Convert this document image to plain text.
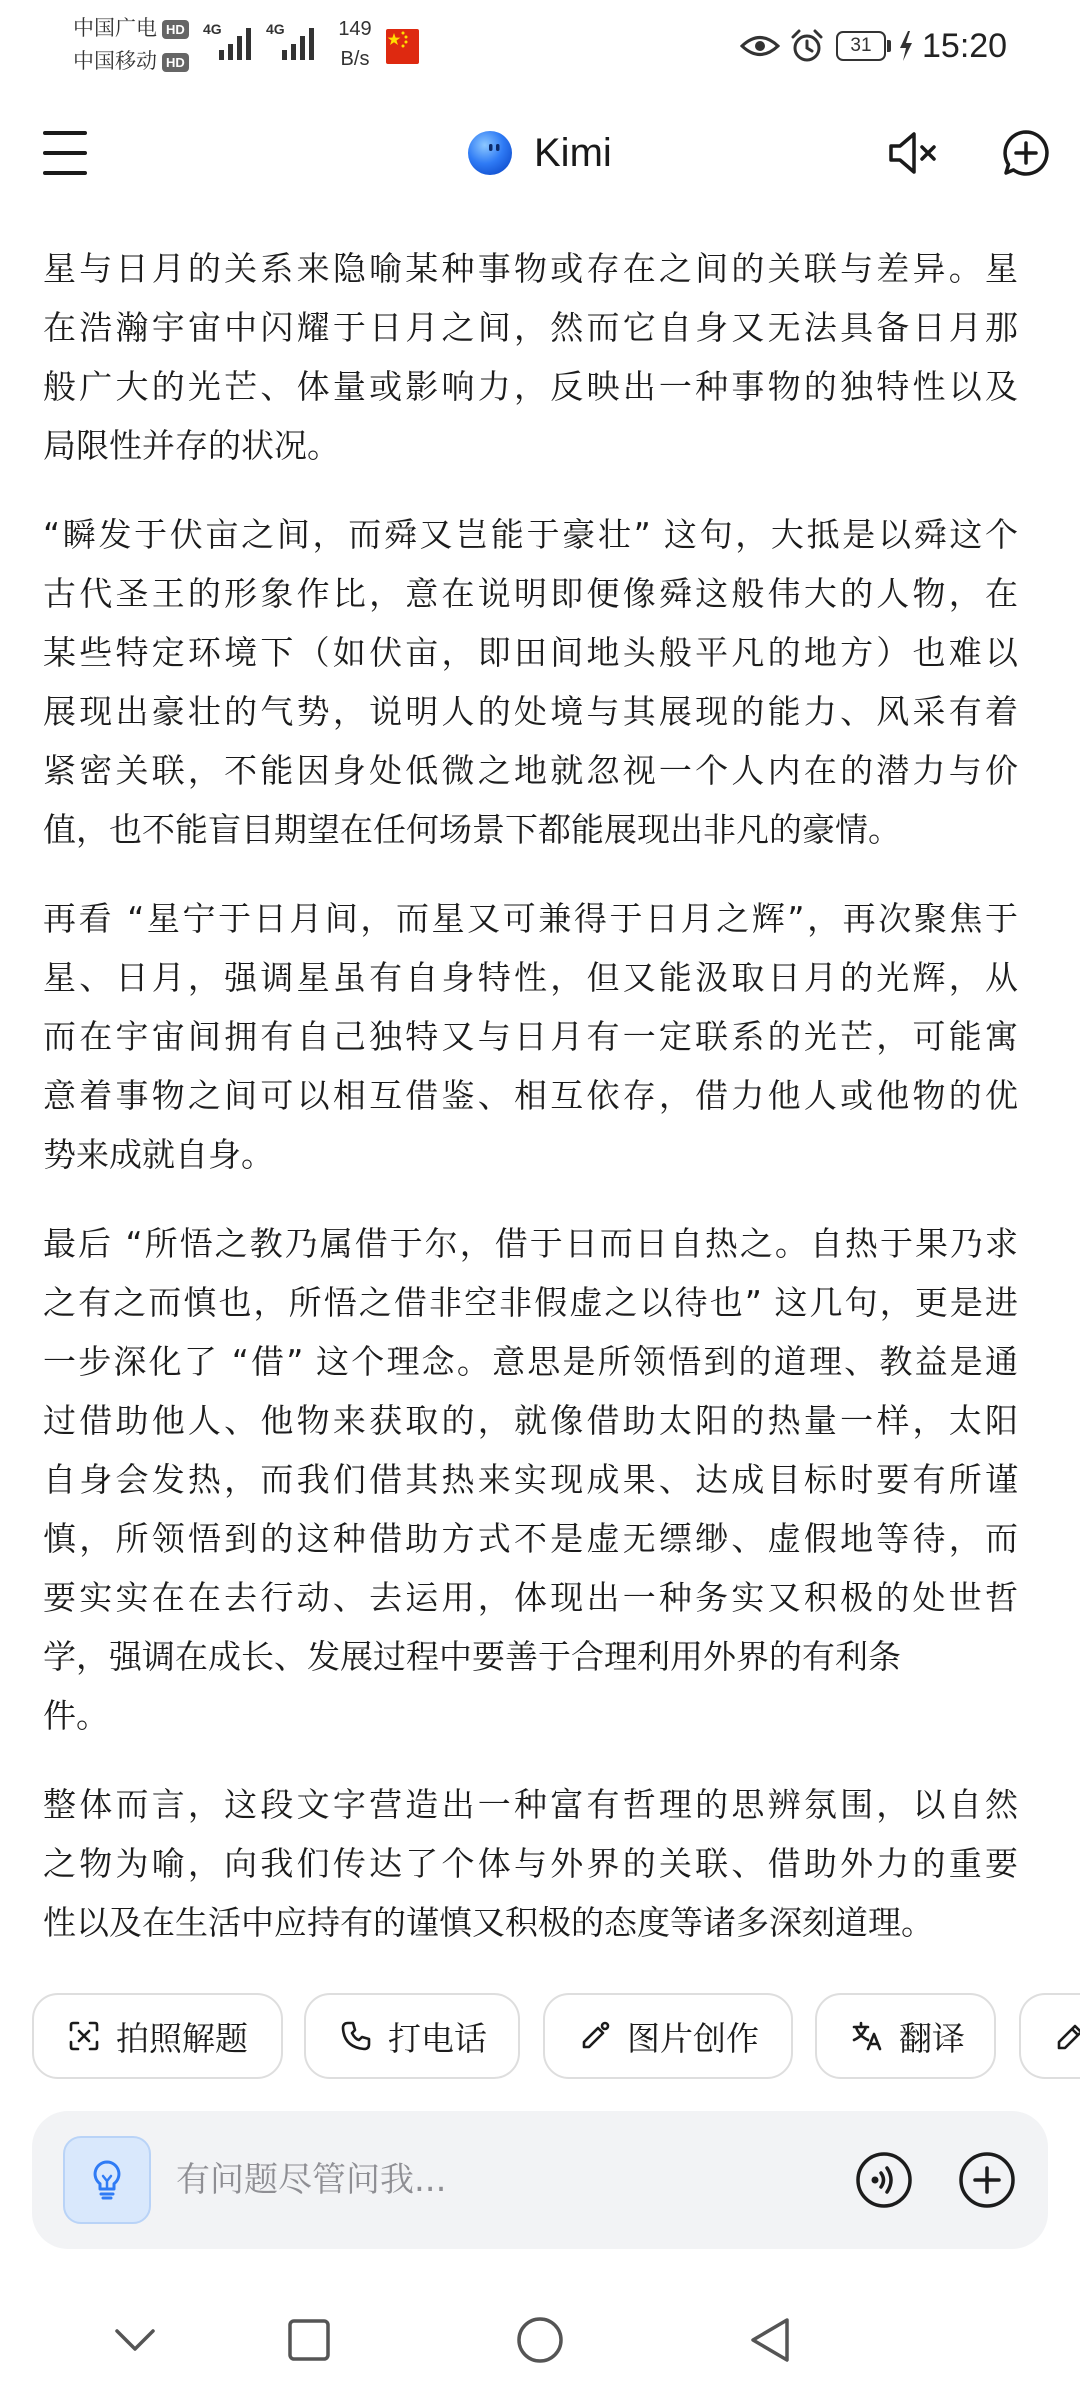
中国广电 HD
中国移动 HD
4G	4G	149
B/s
31	15:20
Kimi
星与日月的关系来隐喻某种事物或存在之间的关联与差异。星
在浩瀚宇宙中闪耀于日月之间，然而它自身又无法具备日月那
般广大的光芒、体量或影响力，反映出一种事物的独特性以及
局限性并存的状况。
“瞬发于伏亩之间，而舜又岂能于豪壮” 这句，大抵是以舜这个
古代圣王的形象作比，意在说明即便像舜这般伟大的人物，在
某些特定环境下（如伏亩，即田间地头般平凡的地方）也难以
展现出豪壮的气势，说明人的处境与其展现的能力、风采有着
紧密关联，不能因身处低微之地就忽视一个人内在的潜力与价
值，也不能盲目期望在任何场景下都能展现出非凡的豪情。
再看 “星宁于日月间，而星又可兼得于日月之辉”，再次聚焦于
星、日月，强调星虽有自身特性，但又能汲取日月的光辉，从
而在宇宙间拥有自己独特又与日月有一定联系的光芒，可能寓
意着事物之间可以相互借鉴、相互依存，借力他人或他物的优
势来成就自身。
最后 “所悟之教乃属借于尔，借于日而日自热之。自热于果乃求
之有之而慎也，所悟之借非空非假虚之以待也” 这几句，更是进
一步深化了 “借” 这个理念。意思是所领悟到的道理、教益是通
过借助他人、他物来获取的，就像借助太阳的热量一样，太阳
自身会发热，而我们借其热来实现成果、达成目标时要有所谨
慎，所领悟到的这种借助方式不是虚无缥缈、虚假地等待，而
要实实在在去行动、去运用，体现出一种务实又积极的处世哲
学，强调在成长、发展过程中要善于合理利用外界的有利条
件。
整体而言，这段文字营造出一种富有哲理的思辨氛围，以自然
之物为喻，向我们传达了个体与外界的关联、借助外力的重要
性以及在生活中应持有的谨慎又积极的态度等诸多深刻道理。
拍照解题	打电话	图片创作	翻译
有问题尽管问我...
